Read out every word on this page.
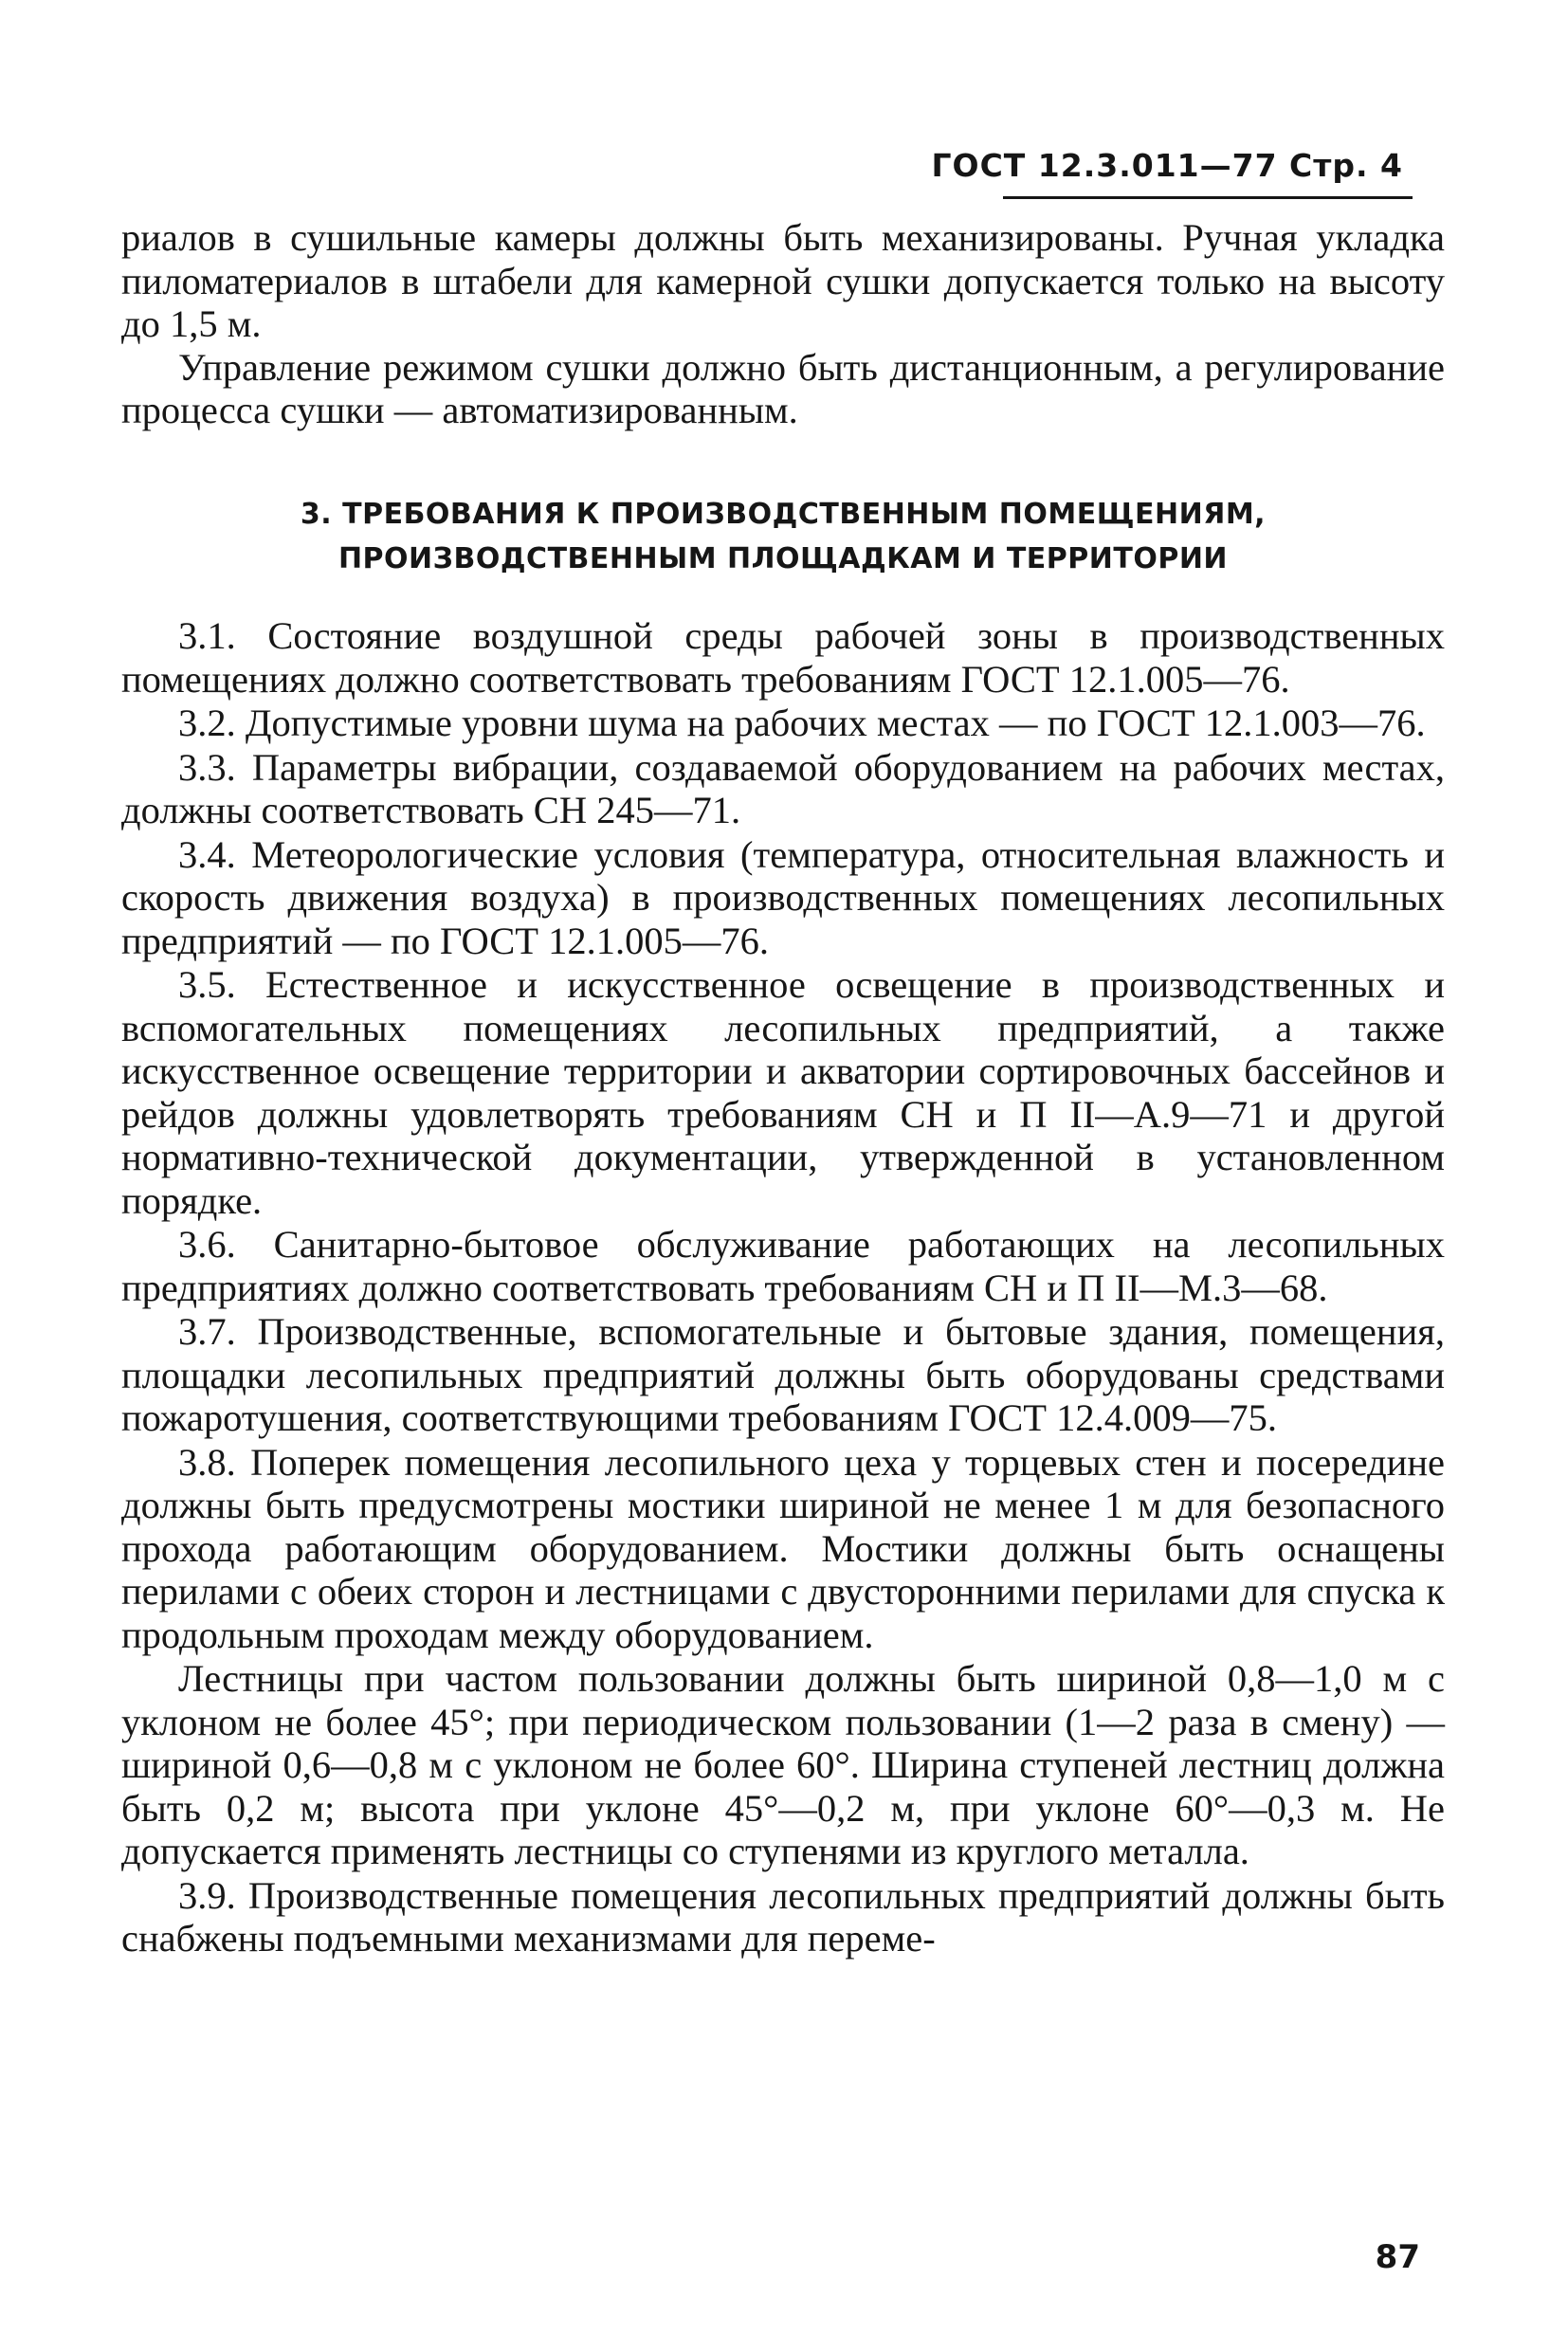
ГОСТ 12.3.011—77 Стр. 4

риалов в сушильные камеры должны быть механизированы. Ручная укладка пиломатериалов в штабели для камерной сушки допускается только на высоту до 1,5 м.

Управление режимом сушки должно быть дистанционным, а регулирование процесса сушки — автоматизированным.

3. ТРЕБОВАНИЯ К ПРОИЗВОДСТВЕННЫМ ПОМЕЩЕНИЯМ,
ПРОИЗВОДСТВЕННЫМ ПЛОЩАДКАМ И ТЕРРИТОРИИ

3.1. Состояние воздушной среды рабочей зоны в производственных помещениях должно соответствовать требованиям ГОСТ 12.1.005—76.

3.2. Допустимые уровни шума на рабочих местах — по ГОСТ 12.1.003—76.

3.3. Параметры вибрации, создаваемой оборудованием на рабочих местах, должны соответствовать СН 245—71.

3.4. Метеорологические условия (температура, относительная влажность и скорость движения воздуха) в производственных помещениях лесопильных предприятий — по ГОСТ 12.1.005—76.

3.5. Естественное и искусственное освещение в производственных и вспомогательных помещениях лесопильных предприятий, а также искусственное освещение территории и акватории сортировочных бассейнов и рейдов должны удовлетворять требованиям СН и П II—А.9—71 и другой нормативно-технической документации, утвержденной в установленном порядке.

3.6. Санитарно-бытовое обслуживание работающих на лесопильных предприятиях должно соответствовать требованиям СН и П II—М.3—68.

3.7. Производственные, вспомогательные и бытовые здания, помещения, площадки лесопильных предприятий должны быть оборудованы средствами пожаротушения, соответствующими требованиям ГОСТ 12.4.009—75.

3.8. Поперек помещения лесопильного цеха у торцевых стен и посередине должны быть предусмотрены мостики шириной не менее 1 м для безопасного прохода работающим оборудованием. Мостики должны быть оснащены перилами с обеих сторон и лестницами с двусторонними перилами для спуска к продольным проходам между оборудованием.

Лестницы при частом пользовании должны быть шириной 0,8—1,0 м с уклоном не более 45°; при периодическом пользовании (1—2 раза в смену) — шириной 0,6—0,8 м с уклоном не более 60°. Ширина ступеней лестниц должна быть 0,2 м; высота при уклоне 45°—0,2 м, при уклоне 60°—0,3 м. Не допускается применять лестницы со ступенями из круглого металла.

3.9. Производственные помещения лесопильных предприятий должны быть снабжены подъемными механизмами для переме-

87
